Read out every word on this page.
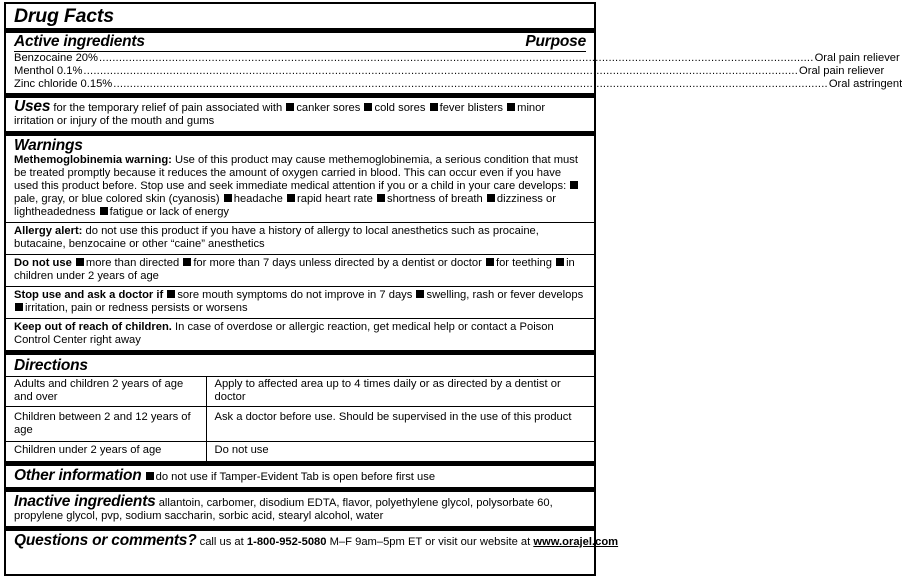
Drug Facts
Active ingredients	Purpose
Benzocaine 20% .....	Oral pain reliever
Menthol 0.1% .....	Oral pain reliever
Zinc chloride 0.15% .....	Oral astringent
Uses for the temporary relief of pain associated with canker sores cold sores fever blisters minor irritation or injury of the mouth and gums
Warnings
Methemoglobinemia warning: Use of this product may cause methemoglobinemia, a serious condition that must be treated promptly because it reduces the amount of oxygen carried in blood. This can occur even if you have used this product before. Stop use and seek immediate medical attention if you or a child in your care develops: pale, gray, or blue colored skin (cyanosis) headache rapid heart rate shortness of breath dizziness or lightheadedness fatigue or lack of energy
Allergy alert: do not use this product if you have a history of allergy to local anesthetics such as procaine, butacaine, benzocaine or other “caine” anesthetics
Do not use more than directed for more than 7 days unless directed by a dentist or doctor for teething in children under 2 years of age
Stop use and ask a doctor if sore mouth symptoms do not improve in 7 days swelling, rash or fever develops irritation, pain or redness persists or worsens
Keep out of reach of children. In case of overdose or allergic reaction, get medical help or contact a Poison Control Center right away
Directions
Adults and children 2 years of age and over	Apply to affected area up to 4 times daily or as directed by a dentist or doctor
Children between 2 and 12 years of age	Ask a doctor before use. Should be supervised in the use of this product
Children under 2 years of age	Do not use
Other information do not use if Tamper-Evident Tab is open before first use
Inactive ingredients allantoin, carbomer, disodium EDTA, flavor, polyethylene glycol, polysorbate 60, propylene glycol, pvp, sodium saccharin, sorbic acid, stearyl alcohol, water
Questions or comments? call us at 1-800-952-5080 M–F 9am–5pm ET or visit our website at www.orajel.com
